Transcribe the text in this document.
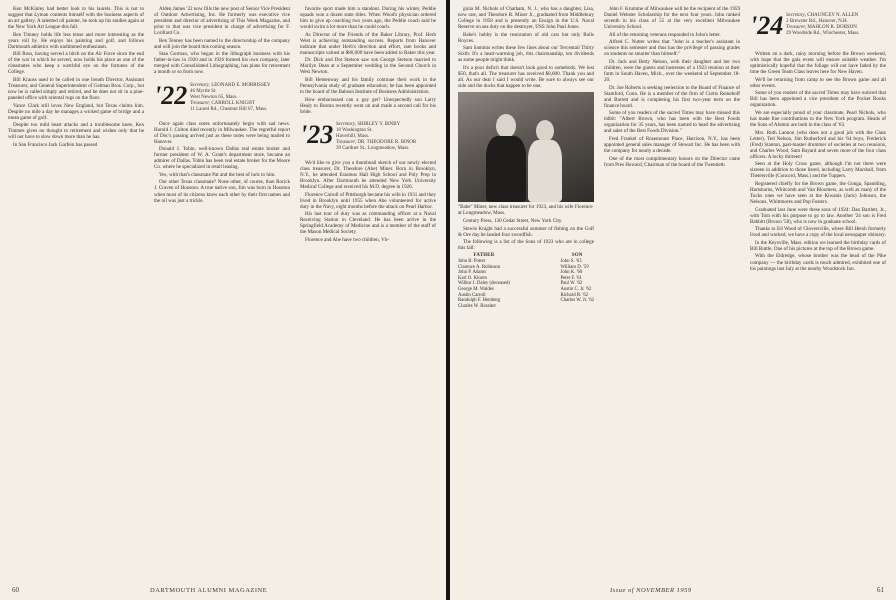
Ken McKinley had better look to his laurels. This is not to suggest that Lyman contents himself with the business aspects of an art gallery. A talented oil painter, he took up his studies again at the New York Art League this fall.

Ben Timney holds life less tense and more interesting as the years roll by. He enjoys his painting and golf, and follows Dartmouth athletics with undimmed enthusiasm.

Bill Ross, having served a hitch on the Air Force since the end of the war in which he served, now holds his place as one of the classmates who keep a watchful eye on the fortunes of the College.

Bill Krauss used to be called in one breath Director, Assistant Treasurer, and General Superintendent of Gelman Bros. Corp., but now he is called simply and retired, and he does not sit in a pine-paneled office with oriental rugs on the floor.

Vance Clark still loves New England, but Texas claims him. Despite no mile a day he manages a wicked game of bridge and a mean game of golf.

Despite too mild heart attacks and a troublesome knee, Ken Timmes gives no thought to retirement and wishes only that he will not have to slow down more than he has.

In San Francisco Jack Garfein has passed

Alden James '22 now fills the new post of Senior Vice President of Outdoor Advertising, Inc. He formerly was executive vice president and director of advertising of This Week Magazine, and prior to that was vice president in charge of advertising for F. Lorillard Co.

Ben Tenney has been named to the directorship of the company and will join the board this coming season.

Stan Gorman, who began in the lithograph business with his father-in-law in 1920 and in 1926 formed his own company, later merged with Consolidated Lithographing, has plans for retirement a month or so from now.

'22 Secretary, LEONARD E. MORRISSEY
46 Myrtle St.
West Newton 65, Mass.
Treasurer, CARROLL KNIGHT
11 Laurel Rd., Chestnut Hill 67, Mass.

Once again class notes unfortunately begin with sad news. Harold J. Colton died recently in Milwaukee. The regretful report of Doc's passing arrived just as these notes were being mailed to Hanover.

Donald J. Tobin, well-known Dallas real estate broker and former president of W. A. Grant's department store, became an admirer of Dallas. Tobin has been real estate broker for the Moore Co. where he specialized in retail leasing.

Yes, with that's classmate Pat and the best of luck to him.

Our other Texas classmate? None other, of course, than Rorick J. Craven of Houston. A true native son, Jim was born in Houston when most of its citizens knew each other by their first names and the oil was just a trickle.

favorite sport made him a standout. During his winter, Peddie squads won a dozen state titles. When Wood's physician ordered him to give up coaching two years ago, the Peddie coach said he would swim a lot more than he could coach.

As Director of the Friends of the Baker Library, Prof. Herb West is achieving outstanding success. Reports from Hanover indicate that under Herb's direction and effort, rare books and manuscripts valued at $80,000 have been added to Baker this year.

Dr. Dick and Dot Stetson saw son George Stetson married to Marilyn Dean at a September wedding in the Second Church in West Newton.

Bill Hemenway and his family continue their work in the Pennsylvania study of graduate education; he has been appointed to the board of the Babson Institute of Business Administration.

How embarrassed can a guy get? Unexpectedly son Larry Healy to Boston recently went on and made a second call for his bride.

'23 Secretary, SHIRLEY Y. BINBY
10 Washington St.
Haverhill, Mass.
Treasurer, DR. THEODORE R. BINOR
39 Gardner St., Longmeadow, Mass.

We'd like to give you a thumbnail sketch of our newly elected class treasurer, Dr. Theodore (Abe) Miner. Born in Brooklyn, N.Y., he attended Erasmus Hall High School and Poly Prep in Brooklyn. After Dartmouth he attended New York University Medical College and received his M.D. degree in 1926.

Florence Carroll of Pittsburgh became his wife in 1931 and they lived in Brooklyn until 1955 when Abe volunteered for active duty in the Navy, eight months before the attack on Pearl Harbor.

His last tour of duty was as commanding officer at a Naval Receiving Station in Cleveland. He has been active in the Springfield Academy of Medicine and is a member of the staff of the Mason Medical Society.

Florence and Abe have two children, Vir-

60	DARTMOUTH ALUMNI MAGAZINE

ginia M. Nichols of Chatham, N. J., who has a daughter, Lisa, now one, and Theodore R. Miner Jr., graduated from Middlebury College in 1958 and is presently an Ensign in the U.S. Naval Reserve on sea duty on the destroyer, USS John Paul Jones.

Babe's hobby is the restoration of old cars but only Rolls Royces.

Sam Sammis writes these few lines about our Tercentail Thirty Sixth: It's a heart-warming job, this chairmanship, ten dividends as some people might think.

It's a poor deficit that doesn't look good to somebody. We lost $50, that's all. The treasurer has received $8,600. Thank you and all. As our dear I said I would write. Be sure to always see our side and the ducks that happen to be one.

"Babe" Miner, new class treasurer for 1923, and his wife Florence at Longmeadow, Mass.

Century Press, 130 Cedar Street, New York City.

Stewie Knight had a successful summer of fishing on the Gulf & Ore day he landed four swordfish.

The following is a list of the Sons of 1923 who are in college this fall:

FATHER
John R. Potter
Clarence A. Robinson
John P. Adams
Karl O. Kloren
Wilbur J. Daley (deceased)
George M. Waldes
Austin Carroll
Randolph F. Hemberg
Charles W. Rossiter
SON
John S. '63
William D. '59
John K. '60
Peter F. '61
Paul W. '62
Austin C. Jr. '62
Richard R. '62
Charles W. Jr. '62

John F. Krumme of Milwaukee will be the recipient of the 1959 Daniel Webster Scholarship for the next four years. John ranked seventh in his class of 55 at the very excellent Milwaukee University School.

All of the returning veterans responded to John's letter.

Alfred C. Nutter writes that "John is a teacher's assistant in science this semester and thus has the privilege of passing grades on students no smarter than himself."

Dr. Jack and Betty Nelson, with their daughter and her two children, were the guests and hostesses of a 1923 reunion at their farm in South Haven, Mich., over the weekend of September 18-20.

Dr. Joe Roberts is seeking reelection to the Board of Finance of Stamford, Conn. He is a member of the firm of Curtis Reineboff and Barrett and is completing his first two-year term on the finance board.

Some of you readers of the sacred Times may have missed this tidbit: "Albert Brown, who has been with the Best Foods organization for 35 years, has been named to head the advertising and sales of the Best Foods Division."

Fred Frankel of Rosemount Place, Harrison, N.Y., has been appointed general sales manager of Stewart Inc. He has been with the company for nearly a decade.

One of the most complimentary honors on the Director came from Pres Howard, Chairman of the board of the Twentieth

'24 Secretary, CHAUNCEY N. ALLEN
2 Brewster Rd., Hanover, N.H.
Treasurer, MAHLON R. DOBSON
29 Woodside Rd., Winchester, Mass.

Written on a dark, rainy morning before the Brown weekend, with hope that the gala event will ensure suitable weather. I'm optimistically hopeful that the foliage will not have faded by the time the Green Team Class leaves here for New Haven.

We'll be returning from camp to see the Brown game and all other events.

Some of you readers of the sacred Times may have noticed that Bill has been appointed a vice president of the Pocket Books organization.

We are especially proud of your classmate, Pearl Nichols, who has made fine contributions to the New York program. Heads of the Sons of Alumni are both in the class of '63.

Mrs. Ruth Lannon (who does not a good job with the Class Letter), Ted Nelson, Jim Rutherford and his '64 boys, Frederick (Fred) Stanton, past-master drummer of societies at two reunions, and Charles Wood, Sam Bayard and seven more of the four class officers. A lucky thirteen!

Seen at the Holy Cross game, although I'm not there were sixteen in addition to those listed, including Larry Marshall, from Thetersville (Concord, Mass.) and the Tuppers.

Registered chiefly for the Brown game, the Gonga, Spaulding, Hartshorns, Whitcomb and Van Bloomers, as well as many of the Tucks ones we have seen at the Kiwanis (Jack) Johnson, the Nelsons, Whittmores and Pop Fosters.

Graduated last June were these sons of 1924: Dan Bartlett, Jr., with Tom with his purpose to go to law. Another '24 son is Fred Babbitt (Brown '58), who is now in graduate school.

Thanks to Ed Wood of Gloversville, where Bill Hersh formerly lived and worked, we have a copy of the local newspaper obituary.

In the Keysville, Mass. edition we learned the birthday cards of Bill Ruttle. One of his pictures at the top of the Brown game.

With the Eldredge, whose brother was the head of the Pike company — the birthday cards is much admired, exhibited one of his paintings last July at the nearby Woodstock Inn.

Issue of NOVEMBER 1959	61
